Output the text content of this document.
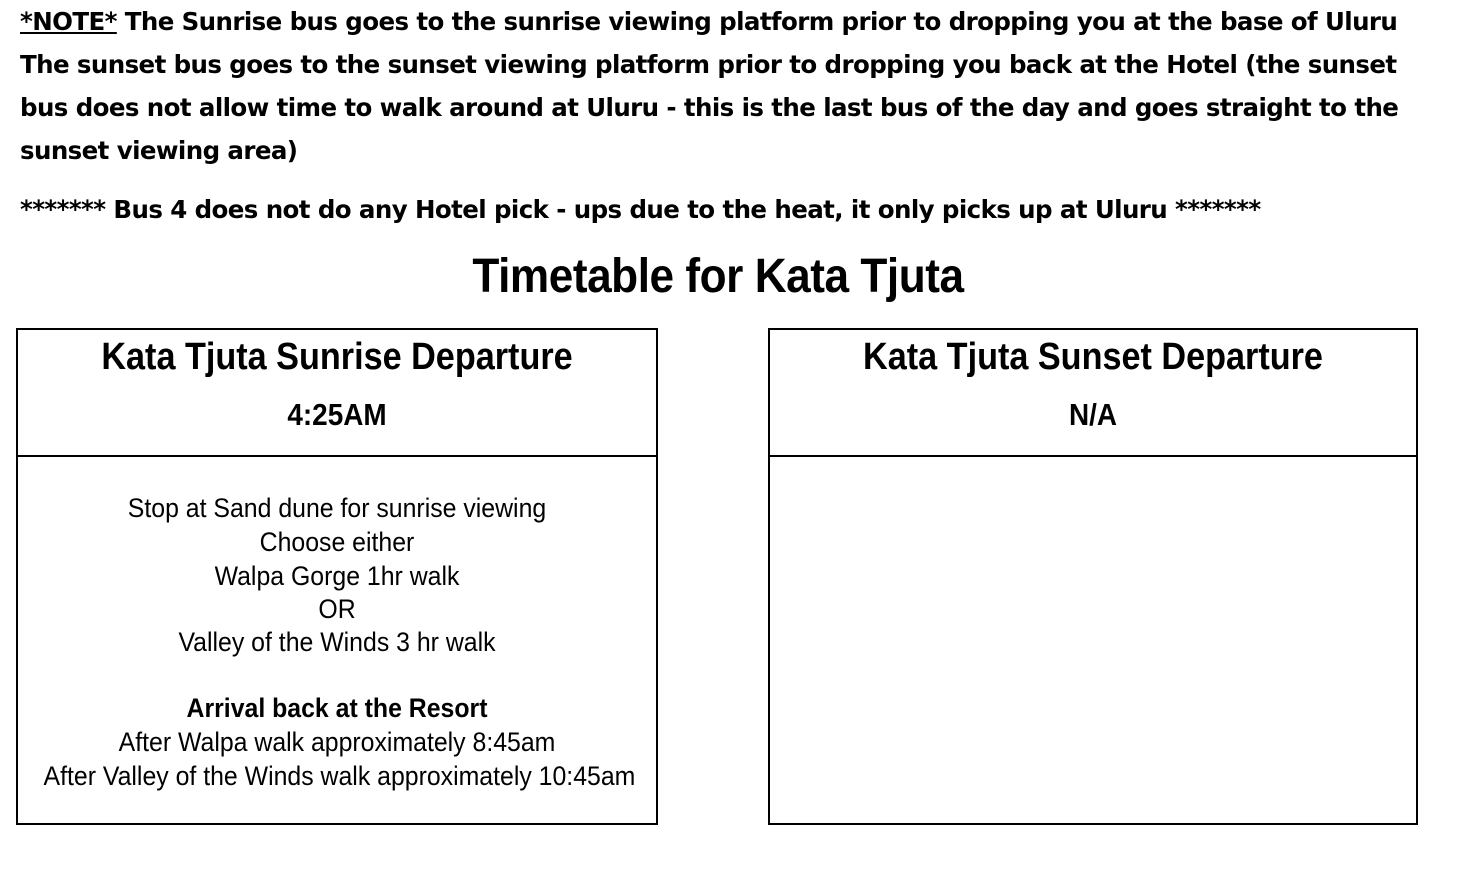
*NOTE* The Sunrise bus goes to the sunrise viewing platform prior to dropping you at the base of Uluru

The sunset bus goes to the sunset viewing platform prior to dropping you back at the Hotel (the sunset bus does not allow time to walk around at Uluru - this is the last bus of the day and goes straight to the sunset viewing area)

******* Bus 4 does not do any Hotel pick - ups due to the heat, it only picks up at Uluru *******

Timetable for Kata Tjuta
Kata Tjuta Sunrise Departure
4:25AM
Stop at Sand dune for sunrise viewing
Choose either
Walpa Gorge 1hr walk
OR
Valley of the Winds 3 hr walk
Arrival back at the Resort
After Walpa walk approximately 8:45am
After Valley of the Winds walk approximately 10:45am
Kata Tjuta Sunset Departure
N/A
